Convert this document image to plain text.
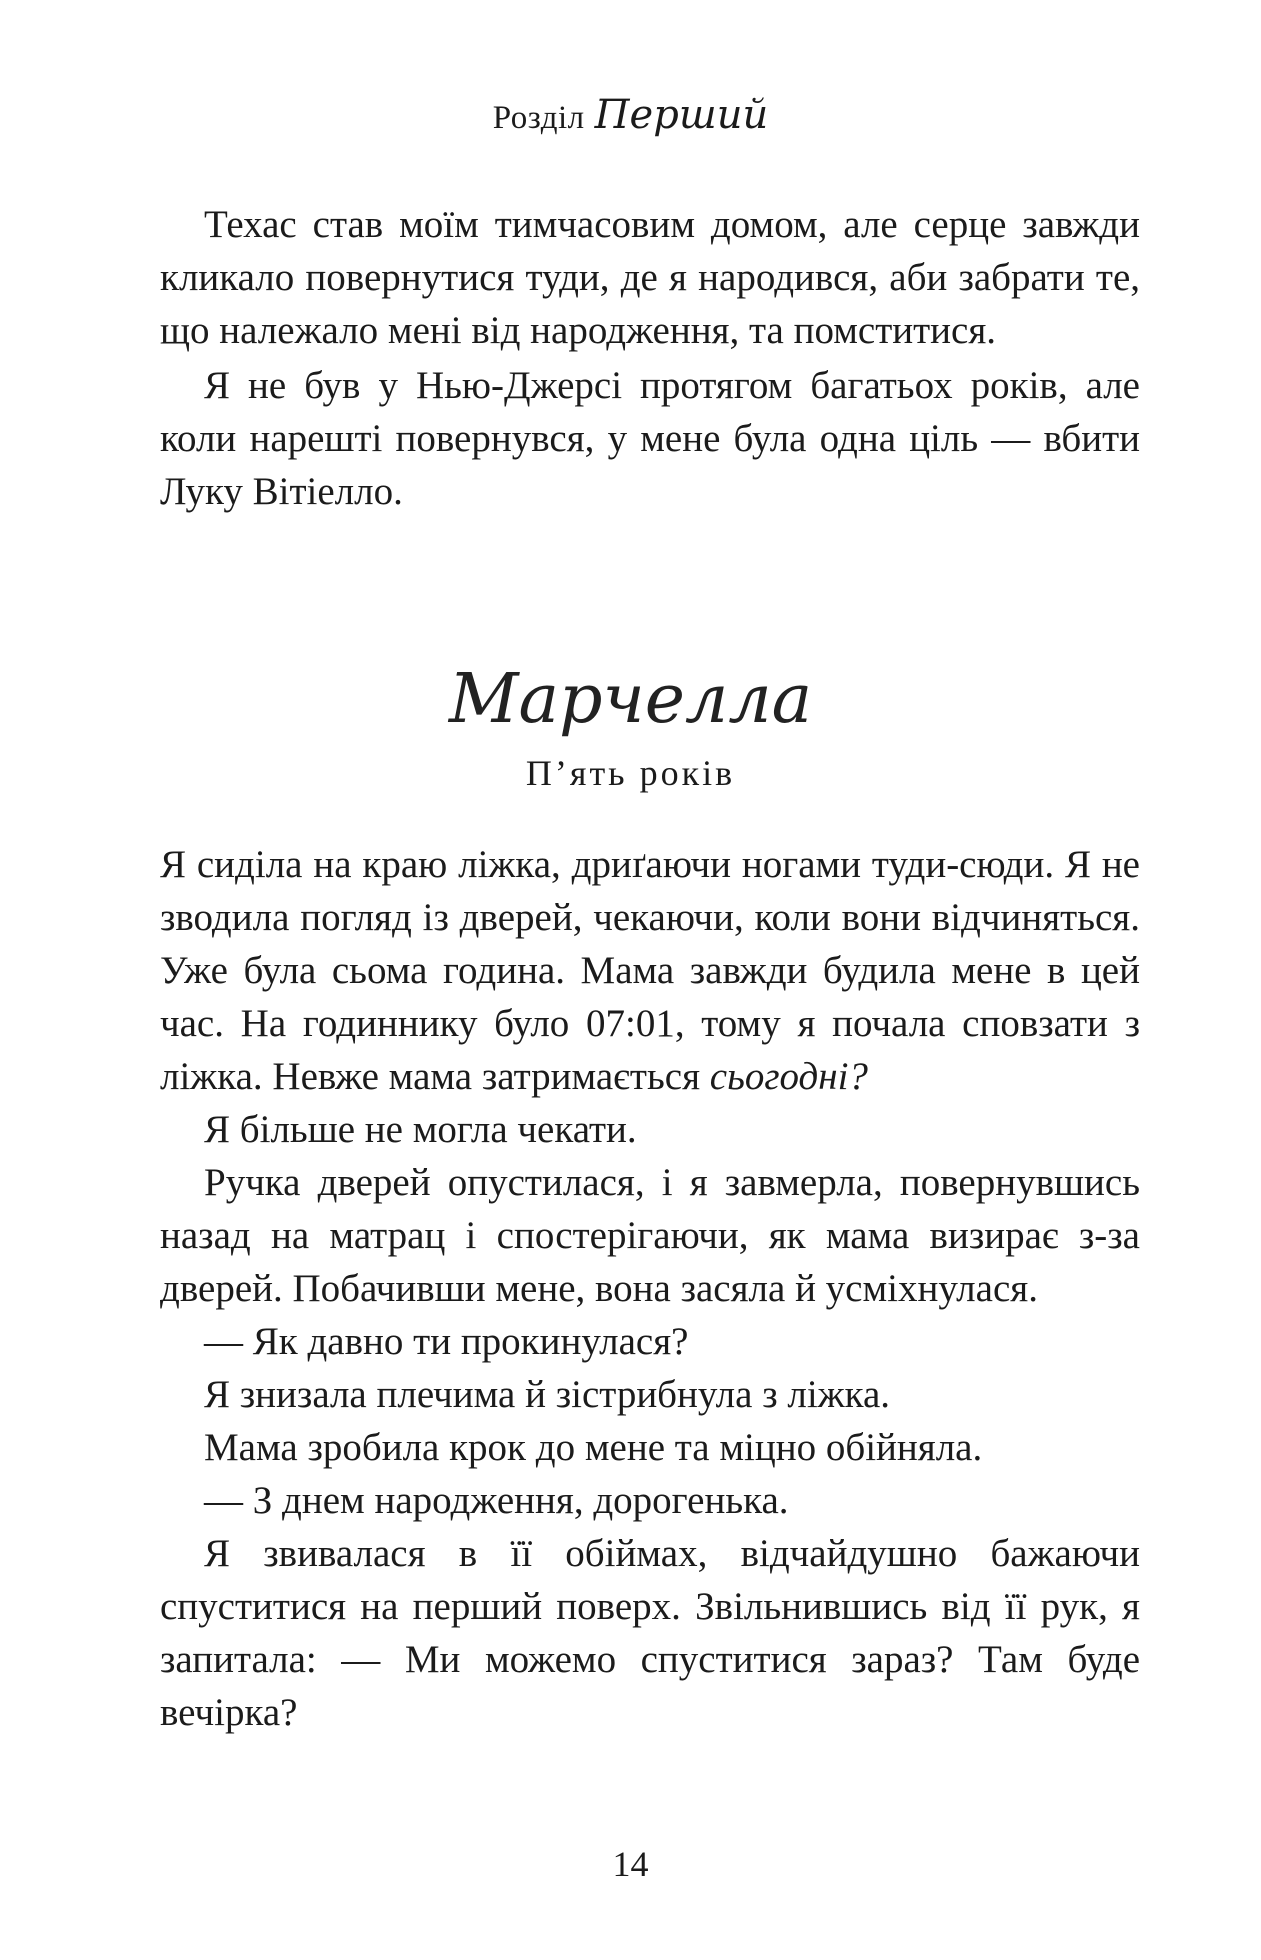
Розділ Перший

Техас став моїм тимчасовим домом, але серце завжди кликало повернутися туди, де я народився, аби забрати те, що належало мені від народження, та помститися.

Я не був у Нью-Джерсі протягом багатьох років, але коли нарешті повернувся, у мене була одна ціль — вбити Луку Вітіелло.

Марчелла
П’ять років

Я сиділа на краю ліжка, дриґаючи ногами туди-сюди. Я не зводила погляд із дверей, чекаючи, коли вони відчиняться. Уже була сьома година. Мама завжди будила мене в цей час. На годиннику було 07:01, тому я почала сповзати з ліжка. Невже мама затримається сьогодні?

Я більше не могла чекати.

Ручка дверей опустилася, і я завмерла, повернувшись назад на матрац і спостерігаючи, як мама визирає з-за дверей. Побачивши мене, вона засяла й усміхнулася.

— Як давно ти прокинулася?

Я знизала плечима й зістрибнула з ліжка.

Мама зробила крок до мене та міцно обійняла.

— З днем народження, дорогенька.

Я звивалася в її обіймах, відчайдушно бажаючи спуститися на перший поверх. Звільнившись від її рук, я запитала: — Ми можемо спуститися зараз? Там буде вечірка?

14
